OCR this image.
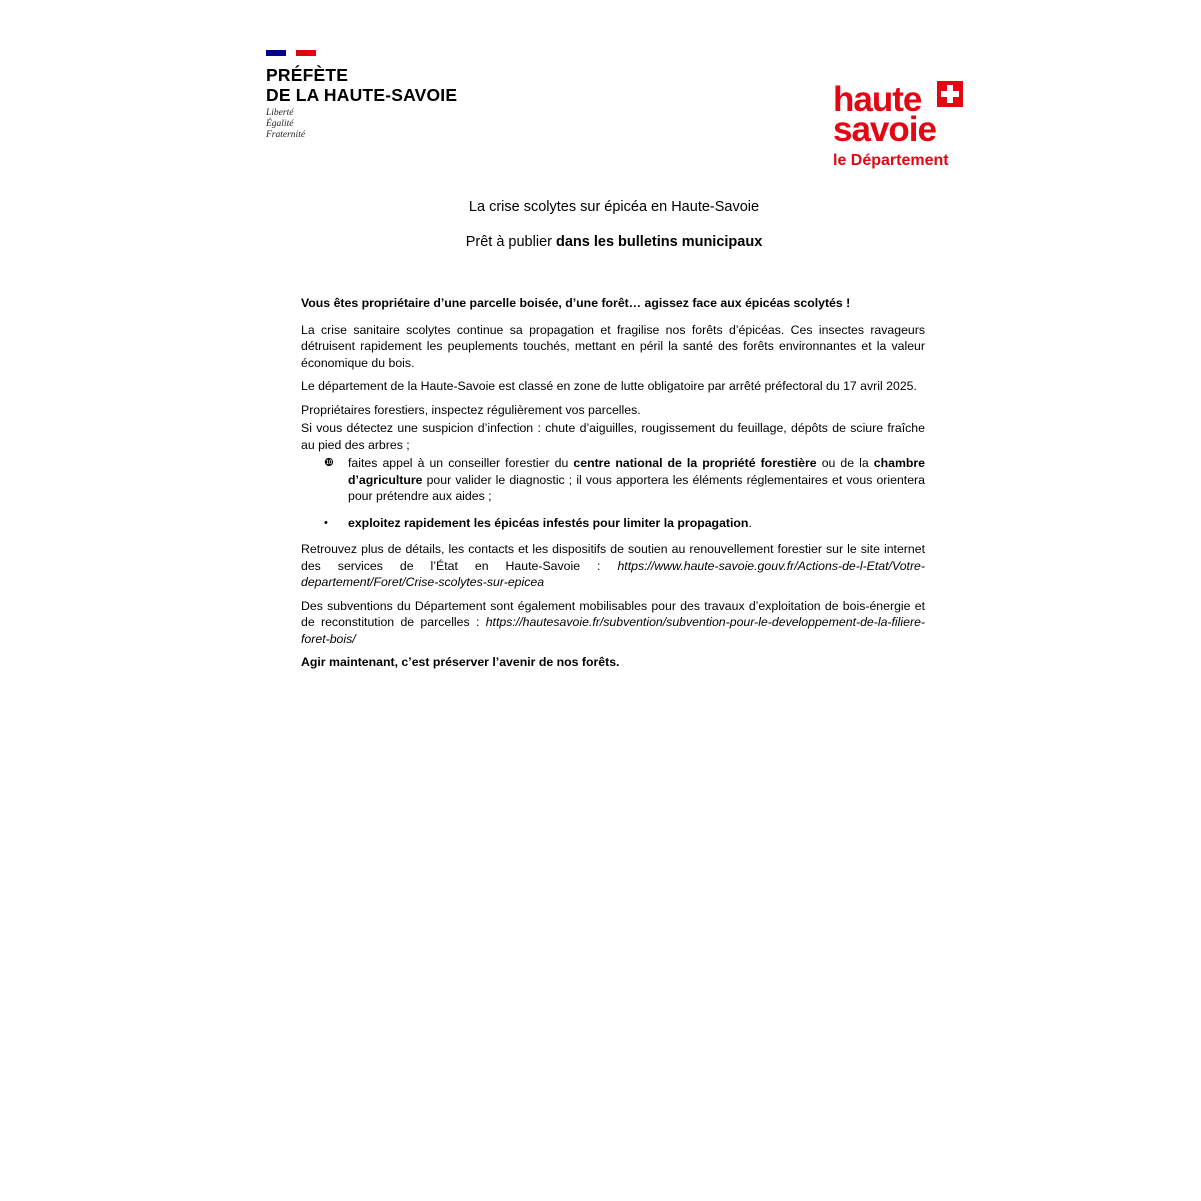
PRÉFÈTE
DE LA HAUTE-SAVOIE
Liberté
Égalité
Fraternité
haute
savoie
le Département
La crise scolytes sur épicéa en Haute-Savoie
Prêt à publier dans les bulletins municipaux

Vous êtes propriétaire d’une parcelle boisée, d’une forêt… agissez face aux épicéas scolytés !

La crise sanitaire scolytes continue sa propagation et fragilise nos forêts d’épicéas. Ces insectes ravageurs détruisent rapidement les peuplements touchés, mettant en péril la santé des forêts environnantes et la valeur économique du bois.

Le département de la Haute-Savoie est classé en zone de lutte obligatoire par arrêté préfectoral du 17 avril 2025.

Propriétaires forestiers, inspectez régulièrement vos parcelles.

Si vous détectez une suspicion d’infection : chute d’aiguilles, rougissement du feuillage, dépôts de sciure fraîche au pied des arbres ;

❿ faites appel à un conseiller forestier du centre national de la propriété forestière ou de la chambre d’agriculture pour valider le diagnostic ; il vous apportera les éléments réglementaires et vous orientera pour prétendre aux aides ;
• exploitez rapidement les épicéas infestés pour limiter la propagation.

Retrouvez plus de détails, les contacts et les dispositifs de soutien au renouvellement forestier sur le site internet des services de l’État en Haute-Savoie : https://www.haute-savoie.gouv.fr/Actions-de-l-Etat/Votre-departement/Foret/Crise-scolytes-sur-epicea

Des subventions du Département sont également mobilisables pour des travaux d’exploitation de bois-énergie et de reconstitution de parcelles : https://hautesavoie.fr/subvention/subvention-pour-le-developpement-de-la-filiere-foret-bois/

Agir maintenant, c’est préserver l’avenir de nos forêts.
